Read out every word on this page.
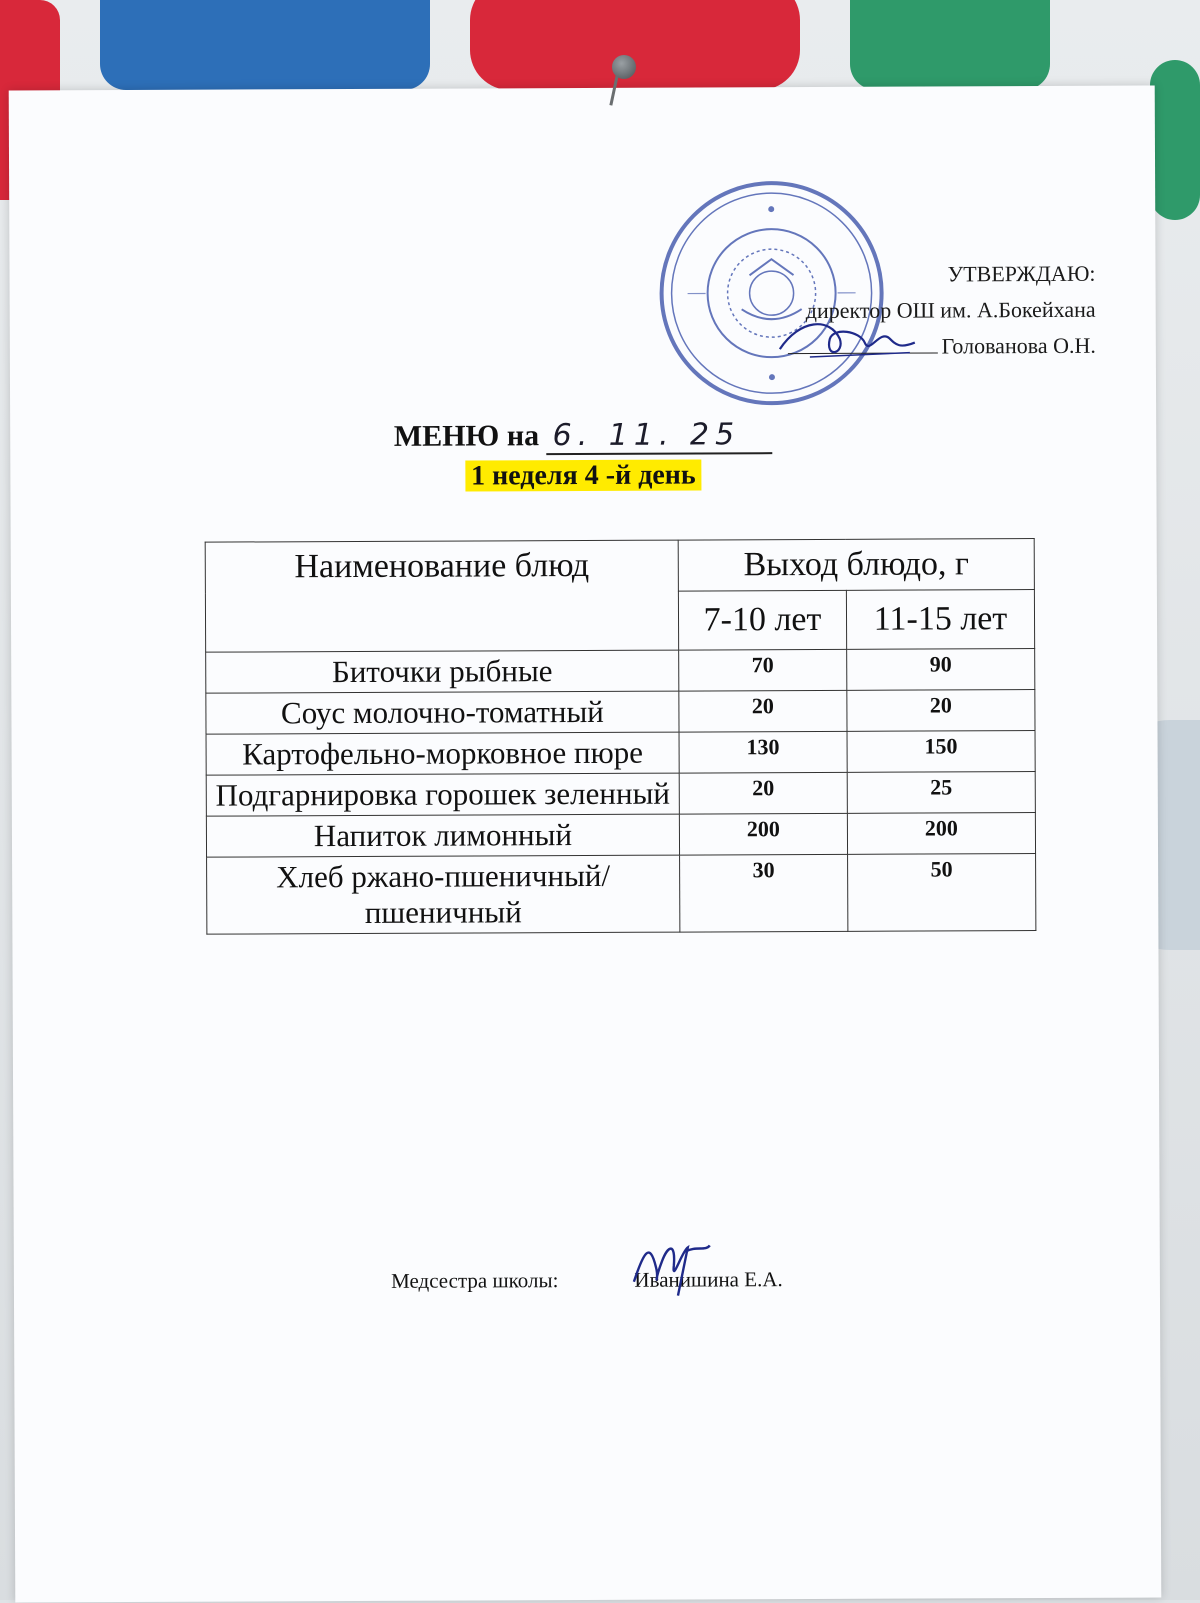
УТВЕРЖДАЮ:
директор ОШ им. А.Бокейхана
Голованова О.Н.
МЕНЮ на 6. 11. 25
1 неделя 4 -й день
Наименование блюд	Выход блюдо, г	
	7-10 лет	11-15 лет
Биточки рыбные	70	90
Соус молочно-томатный	20	20
Картофельно-морковное пюре	130	150
Подгарнировка горошек зеленный	20	25
Напиток лимонный	200	200
Хлеб ржано-пшеничный/ пшеничный	30	50
Медсестра школы:	Иванишина Е.А.
